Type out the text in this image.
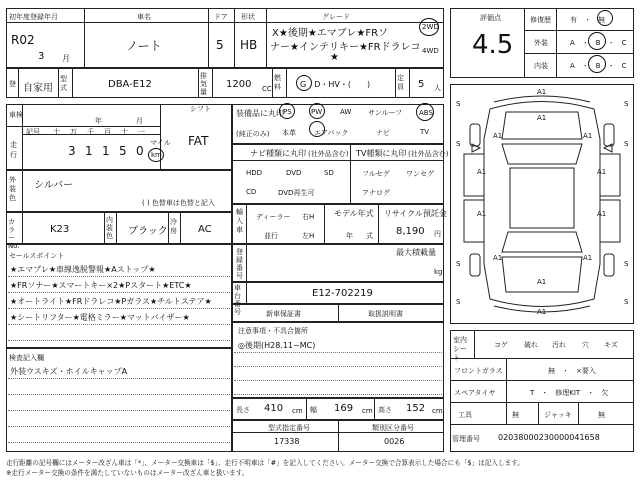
初年度登録年月
R02
3 月
車名
ノート
ドア
5
形状
HB
グレード
X★後期★エマブレ★FRソ
ナー★インテリキー★FRドラレコ
★
2WD
4WD
登 自家用
型式	DBA-E12
排気量
1200 CC
燃料	G　D・HV・(　　)
定員	5 人
車検
年	月
シフト
FAT
走行
記号 十 万 千 百 十 一
3 1 1 5 0
マイル
km
外装色
シルバー
( ) 色替車は色替と記入
カラーNo.
K23
内装色	ブラック
冷房	AC
セールスポイント
★エマブレ★車線逸脱警報★Aストップ★
★FRソナー★スマートキー×2★Pスタート★ETC★
★オートライト★FRドラレコ★Pガラス★チルトステア★
★シートリフター★電格ミラー★マットバイザー★
検査記入欄
外装ウスキズ・ホイルキャップA
装備品に丸印
(純正のみ)
PS	PW	AW サンルーフ ABS
本革	エアバック	ナビ	TV
ナビ種類に丸印 (社外品含む) TV種類に丸印 (社外品含む)
HDD	DVD	SD
CD	DVD再生可
フルセグ ワンセグ
アナログ
輸入車
ディーラー
並行
右H
左H
モデル年式
年 式
リサイクル預託金
8,190 円
登録番号
最大積載量
kg
車台番号
E12-702219
新車保証書	取扱説明書
注意事項・不具合箇所
◎後期(H28.11~MC)
長さ 410 cm 幅 169 cm 高さ 152 cm
型式指定番号
17338
類別区分番号
0026
評価点
4.5
修復歴	有　・　無
外装	A　・　B　・　C
内装	A　・　B　・　C
A1
A1
A1	A1
A1	A1
A1	A1
A1	A1
A1
A1
S	S
S	S
S	S
S	S
室内シート
コゲ 破れ 汚れ 穴 キズ
フロントガラス	無　・　×要入
スペアタイヤ	T　・　修理KIT　・　欠
工具	無	ジャッキ	無
管理番号 02038000230000041658
走行距離の記号欄にはメーター改ざん車は「*」、メーター交換車は「$」、走行不明車は「#」を記入してください。メーター交換で合算表示した場合にも「$」は記入します。
※走行メーター交換の条件を満たしていないものはメーター改ざん車と扱います。
